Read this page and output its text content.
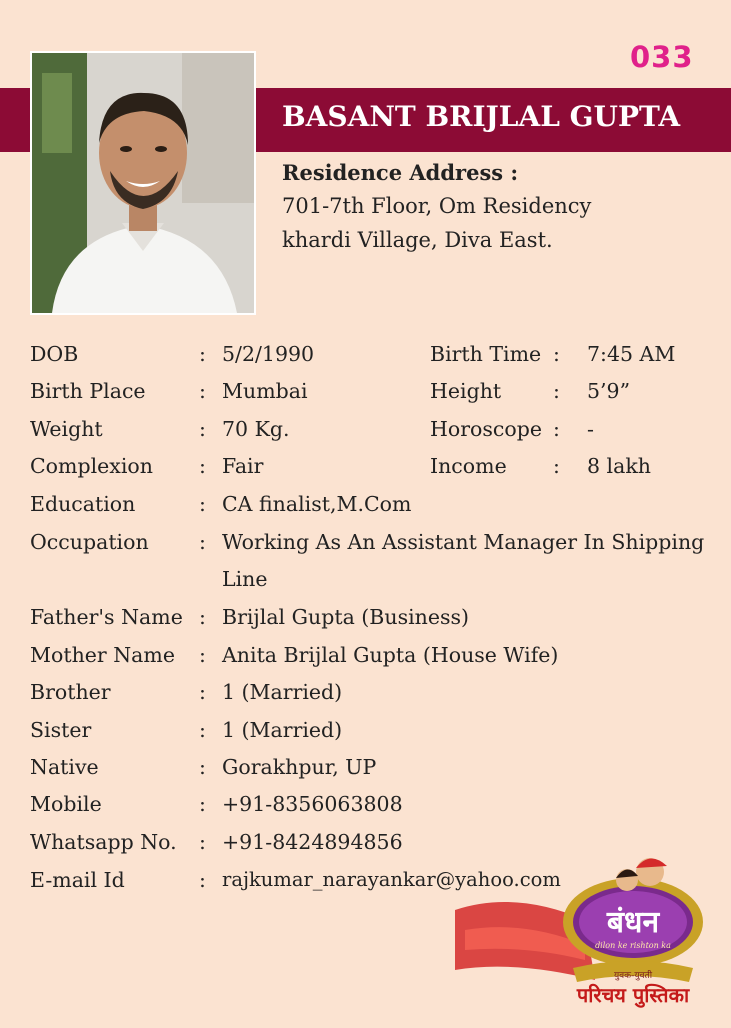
033
BASANT BRIJLAL GUPTA
Residence Address :
701-7th Floor, Om Residency
khardi Village, Diva East.
DOB	: 5/2/1990	Birth Time : 7:45 AM
Birth Place	: Mumbai	Height	: 5’9”
Weight	: 70 Kg.	Horoscope : -
Complexion : Fair	Income : 8 lakh
Education	: CA finalist,M.Com
Occupation : Working As An Assistant Manager In Shipping
Line
Father's Name : Brijlal Gupta (Business)
Mother Name : Anita Brijlal Gupta (House Wife)
Brother	: 1 (Married)
Sister	: 1 (Married)
Native	: Gorakhpur, UP
Mobile	: +91-8356063808
Whatsapp No. : +91-8424894856
E-mail Id	: rajkumar_narayankar@yahoo.com
बंधन
dilon ke rishton ka
युवक-युवती
परिचय पुस्तिका
